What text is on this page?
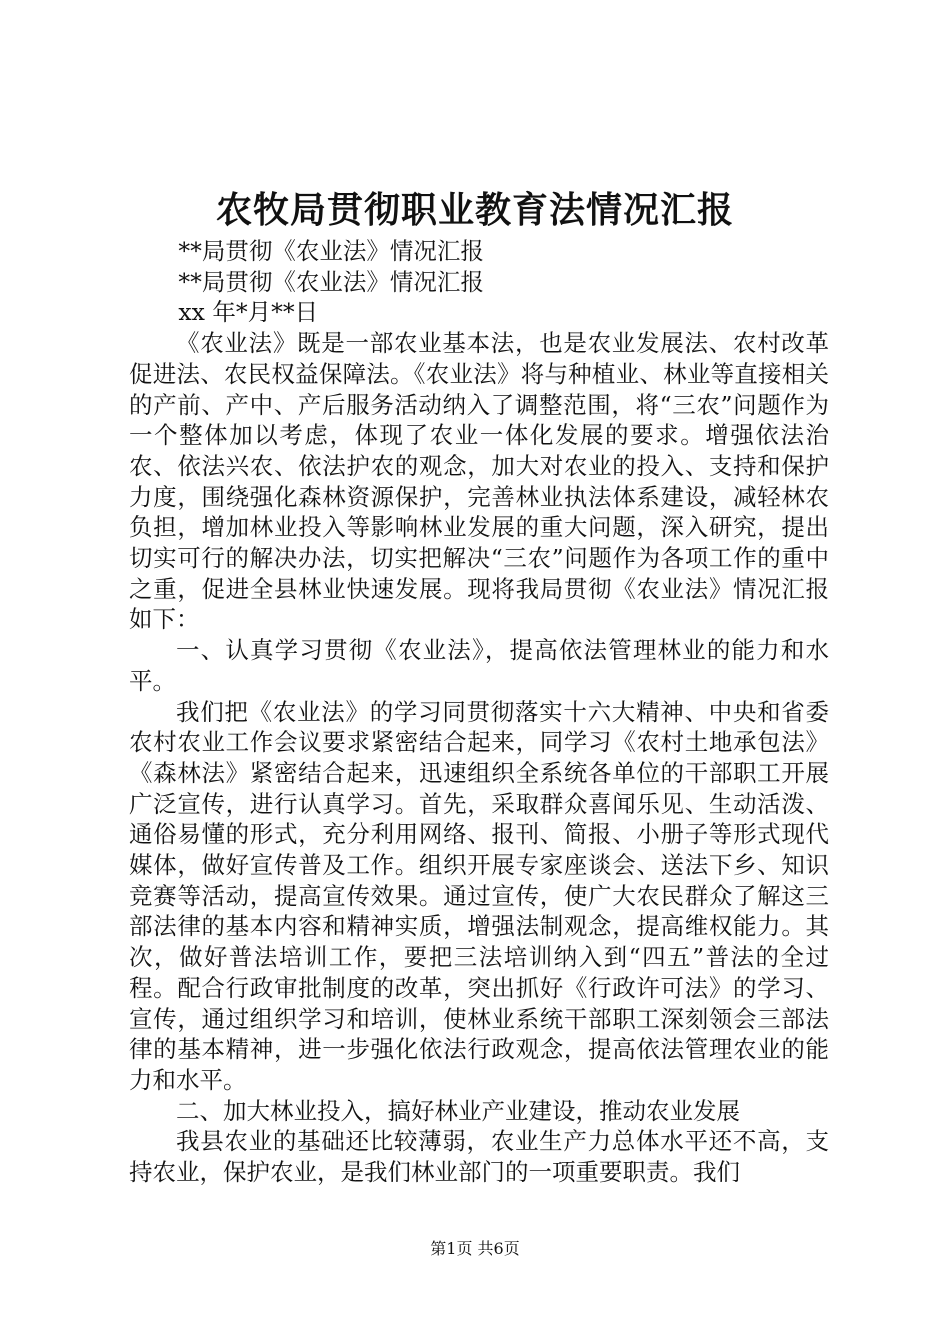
农牧局贯彻职业教育法情况汇报

**局贯彻《农业法》情况汇报

**局贯彻《农业法》情况汇报

xx 年*月**日

《农业法》既是一部农业基本法，也是农业发展法、农村改革促进法、农民权益保障法。《农业法》将与种植业、林业等直接相关的产前、产中、产后服务活动纳入了调整范围，将“三农”问题作为一个整体加以考虑，体现了农业一体化发展的要求。增强依法治农、依法兴农、依法护农的观念，加大对农业的投入、支持和保护力度，围绕强化森林资源保护，完善林业执法体系建设，减轻林农负担，增加林业投入等影响林业发展的重大问题，深入研究，提出切实可行的解决办法，切实把解决“三农”问题作为各项工作的重中之重，促进全县林业快速发展。现将我局贯彻《农业法》情况汇报如下：

一、认真学习贯彻《农业法》，提高依法管理林业的能力和水平。

我们把《农业法》的学习同贯彻落实十六大精神、中央和省委农村农业工作会议要求紧密结合起来，同学习《农村土地承包法》《森林法》紧密结合起来，迅速组织全系统各单位的干部职工开展广泛宣传，进行认真学习。首先，采取群众喜闻乐见、生动活泼、通俗易懂的形式，充分利用网络、报刊、简报、小册子等形式现代媒体，做好宣传普及工作。组织开展专家座谈会、送法下乡、知识竞赛等活动，提高宣传效果。通过宣传，使广大农民群众了解这三部法律的基本内容和精神实质，增强法制观念，提高维权能力。其次，做好普法培训工作，要把三法培训纳入到“四五”普法的全过程。配合行政审批制度的改革，突出抓好《行政许可法》的学习、宣传，通过组织学习和培训，使林业系统干部职工深刻领会三部法律的基本精神，进一步强化依法行政观念，提高依法管理农业的能力和水平。

二、加大林业投入，搞好林业产业建设，推动农业发展

我县农业的基础还比较薄弱，农业生产力总体水平还不高，支持农业，保护农业，是我们林业部门的一项重要职责。我们

第1页 共6页
